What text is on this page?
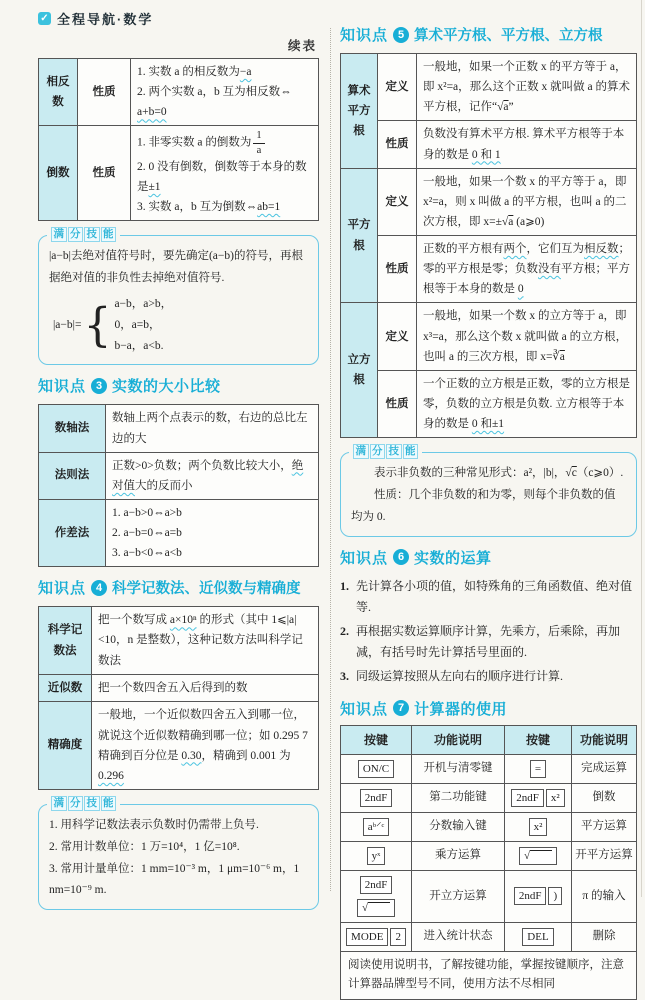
✓ 全程导航·数学
续表
相反数	性质	1. 实数 a 的相反数为−a
2. 两个实数 a，b 互为相反数⇔
a+b=0

倒数	性质	
1. 非零实数 a 的倒数为 $\frac{1}{a}$
2. 0 没有倒数，倒数等于本身的数
是±1
3. 实数 a，b 互为倒数⇔ab=1
满 分 技 能

|a−b|去绝对值符号时，要先确定(a−b)的符号，再根据绝对值的非负性去掉绝对值符号.

|a−b|= { a−b，a>b，
0，a=b，
b−a，a<b.
知识点 3 实数的大小比较
数轴法	数轴上两个点表示的数，右边的总比左边的大
法则法	正数>0>负数；两个负数比较大小，绝对值大的反而小
作差法	1. a−b>0⇔a>b
2. a−b=0⇔a=b
3. a−b<0⇔a<b
知识点 4 科学记数法、近似数与精确度
科学记数法	把一个数写成 a×10ⁿ 的形式（其中 1⩽|a|<10，n 是整数），这种记数方法叫科学记数法
近似数	把一个数四舍五入后得到的数
精确度	一般地，一个近似数四舍五入到哪一位，就说这个近似数精确到哪一位；如 0.295 7 精确到百分位是 0.30，精确到 0.001 为 0.296
满 分 技 能

1. 用科学记数法表示负数时仍需带上负号.

2. 常用计数单位：1 万=10⁴，1 亿=10⁸.

3. 常用计量单位：1 mm=10⁻³ m，1 μm=10⁻⁶ m，1 nm=10⁻⁹ m.

知识点 5 算术平方根、平方根、立方根
算术平方根	定义	一般地，如果一个正数 x 的平方等于 a，即 x²=a，那么这个正数 x 就叫做 a 的算术平方根，记作“√a”
	性质	负数没有算术平方根. 算术平方根等于本身的数是 0 和 1
平方根	定义	一般地，如果一个数 x 的平方等于 a，即 x²=a，则 x 叫做 a 的平方根，也叫 a 的二次方根，即 x=±√a (a⩾0)
	性质	正数的平方根有两个，它们互为相反数；零的平方根是零；负数没有平方根；平方根等于本身的数是 0
立方根	定义	一般地，如果一个数 x 的立方等于 a，即 x³=a，那么这个数 x 就叫做 a 的立方根，也叫 a 的三次方根，即 $x=∛\overline{a}$
	性质	一个正数的立方根是正数，零的立方根是零，负数的立方根是负数. 立方根等于本身的数是 0 和±1
满 分 技 能

表示非负数的三种常见形式：a²，|b|，√c（c⩾0）.

性质：几个非负数的和为零，则每个非负数的值均为 0.

知识点 6 实数的运算
1. 先计算各小项的值，如特殊角的三角函数值、绝对值等.
2. 再根据实数运算顺序计算，先乘方，后乘除，再加减，有括号时先计算括号里面的.
3. 同级运算按照从左向右的顺序进行计算.
知识点 7 计算器的使用
按键	功能说明	按键	功能说明
ON/C	开机与清零键	=	完成运算
2ndF	第二功能键	2ndF x²	倒数
aᵇ⸍ᶜ	分数输入键	x²	平方运算
yˣ	乘方运算	√⎺⎺	开平方运算

2ndF
√⎺⎺	开立方运算	2ndF )	π 的输入
MODE 2	进入统计状态	DEL	删除
阅读使用说明书，了解按键功能，掌握按键顺序，注意计算器品牌型号不同，使用方法不尽相同			
